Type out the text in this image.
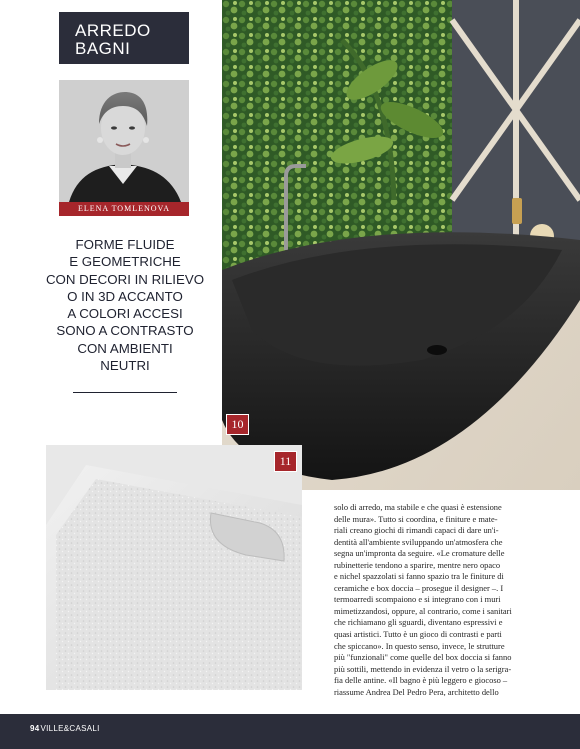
ARREDO
BAGNI
ELENA TOMLENOVA
FORME FLUIDE
E GEOMETRICHE
CON DECORI IN RILIEVO
O IN 3D ACCANTO
A COLORI ACCESI
SONO A CONTRASTO
CON AMBIENTI
NEUTRI
10
11
solo di arredo, ma stabile e che quasi è estensione
delle mura». Tutto si coordina, e finiture e mate-
riali creano giochi di rimandi capaci di dare un'i-
dentità all'ambiente sviluppando un'atmosfera che
segna un'impronta da seguire. «Le cromature delle
rubinetterie tendono a sparire, mentre nero opaco
e nichel spazzolati si fanno spazio tra le finiture di
ceramiche e box doccia – prosegue il designer –. I
termoarredi scompaiono e si integrano con i muri
mimetizzandosi, oppure, al contrario, come i sanitari
che richiamano gli sguardi, diventano espressivi e
quasi artistici. Tutto è un gioco di contrasti e parti
che spiccano». In questo senso, invece, le strutture
più "funzionali" come quelle del box doccia si fanno
più sottili, mettendo in evidenza il vetro o la serigra-
fia delle antine. «Il bagno è più leggero e giocoso –
riassume Andrea Del Pedro Pera, architetto dello
94VILLE&CASALI
